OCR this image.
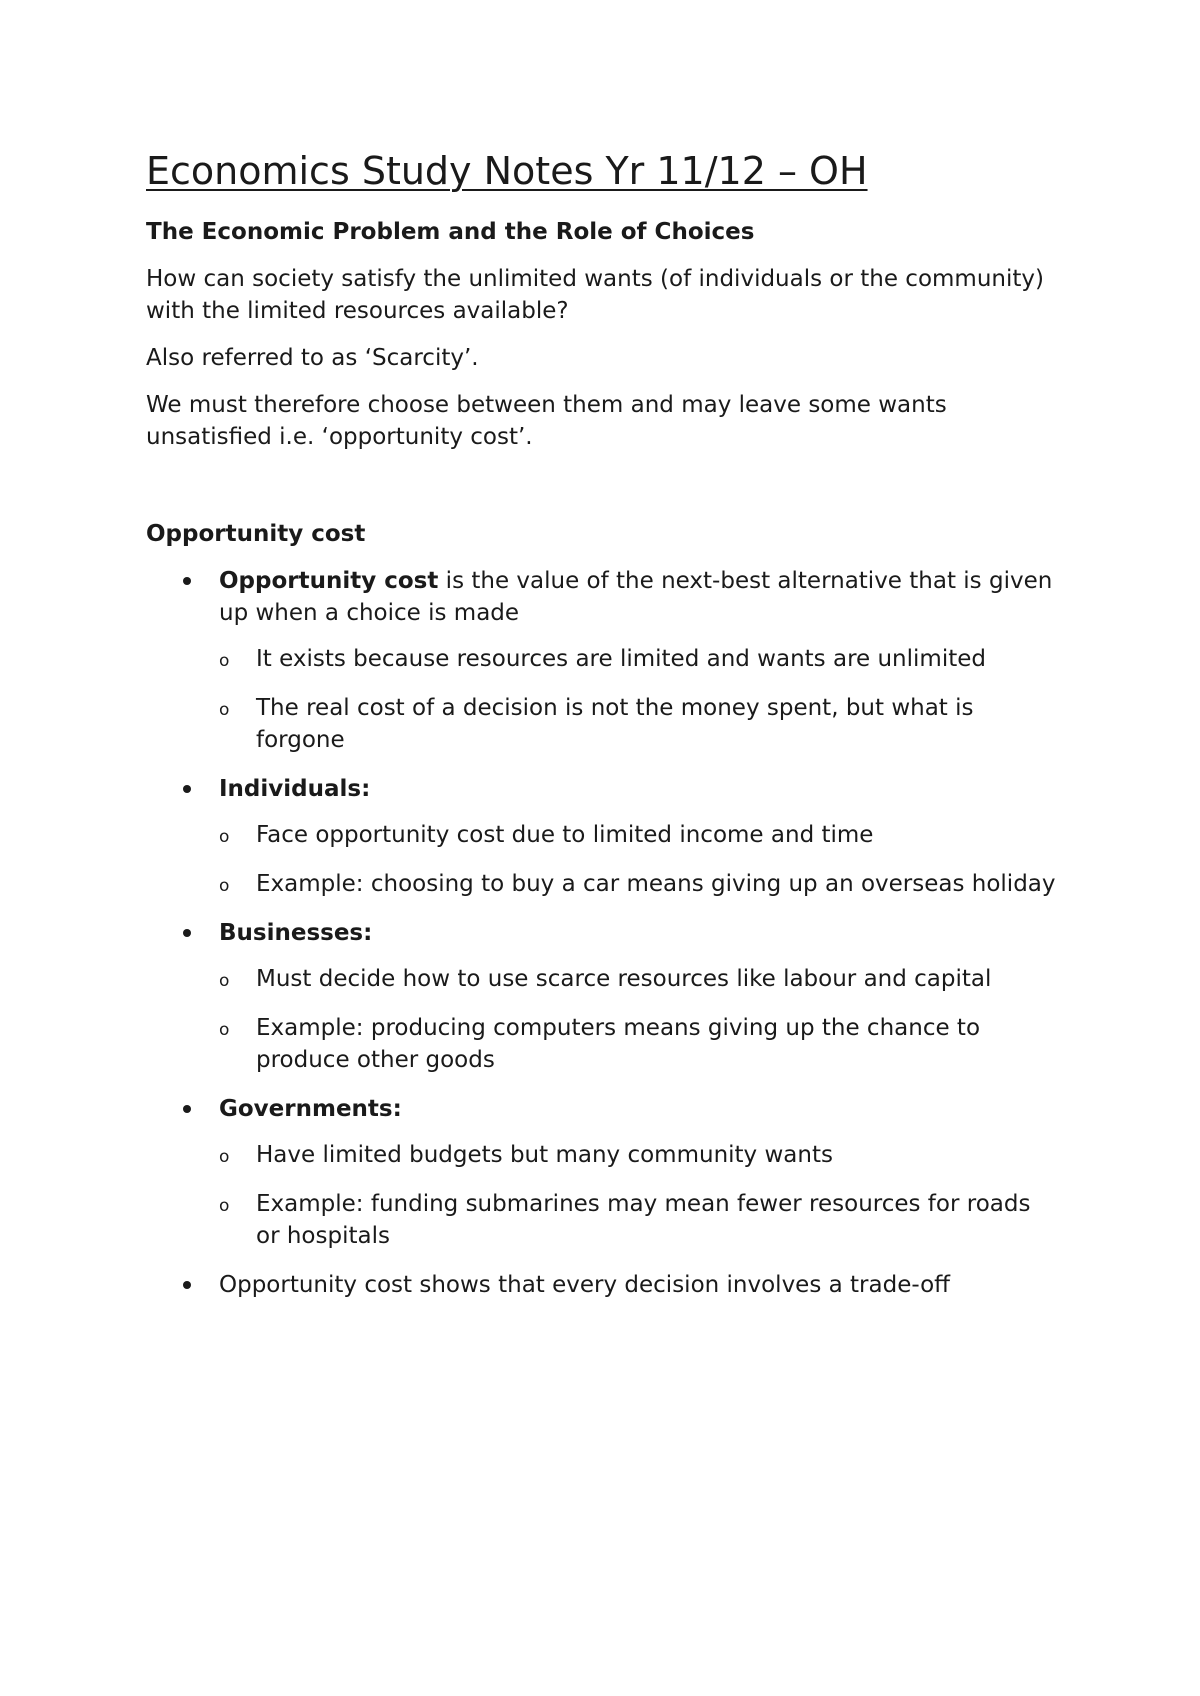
Economics Study Notes Yr 11/12 – OH
The Economic Problem and the Role of Choices

How can society satisfy the unlimited wants (of individuals or the community) with the limited resources available?

Also referred to as ‘Scarcity’.

We must therefore choose between them and may leave some wants unsatisfied i.e. ‘opportunity cost’.

Opportunity cost
Opportunity cost is the value of the next-best alternative that is given up when a choice is made
o It exists because resources are limited and wants are unlimited
o The real cost of a decision is not the money spent, but what is forgone
Individuals:
o Face opportunity cost due to limited income and time
o Example: choosing to buy a car means giving up an overseas holiday
Businesses:
o Must decide how to use scarce resources like labour and capital
o Example: producing computers means giving up the chance to produce other goods
Governments:
o Have limited budgets but many community wants
o Example: funding submarines may mean fewer resources for roads or hospitals
Opportunity cost shows that every decision involves a trade-off
